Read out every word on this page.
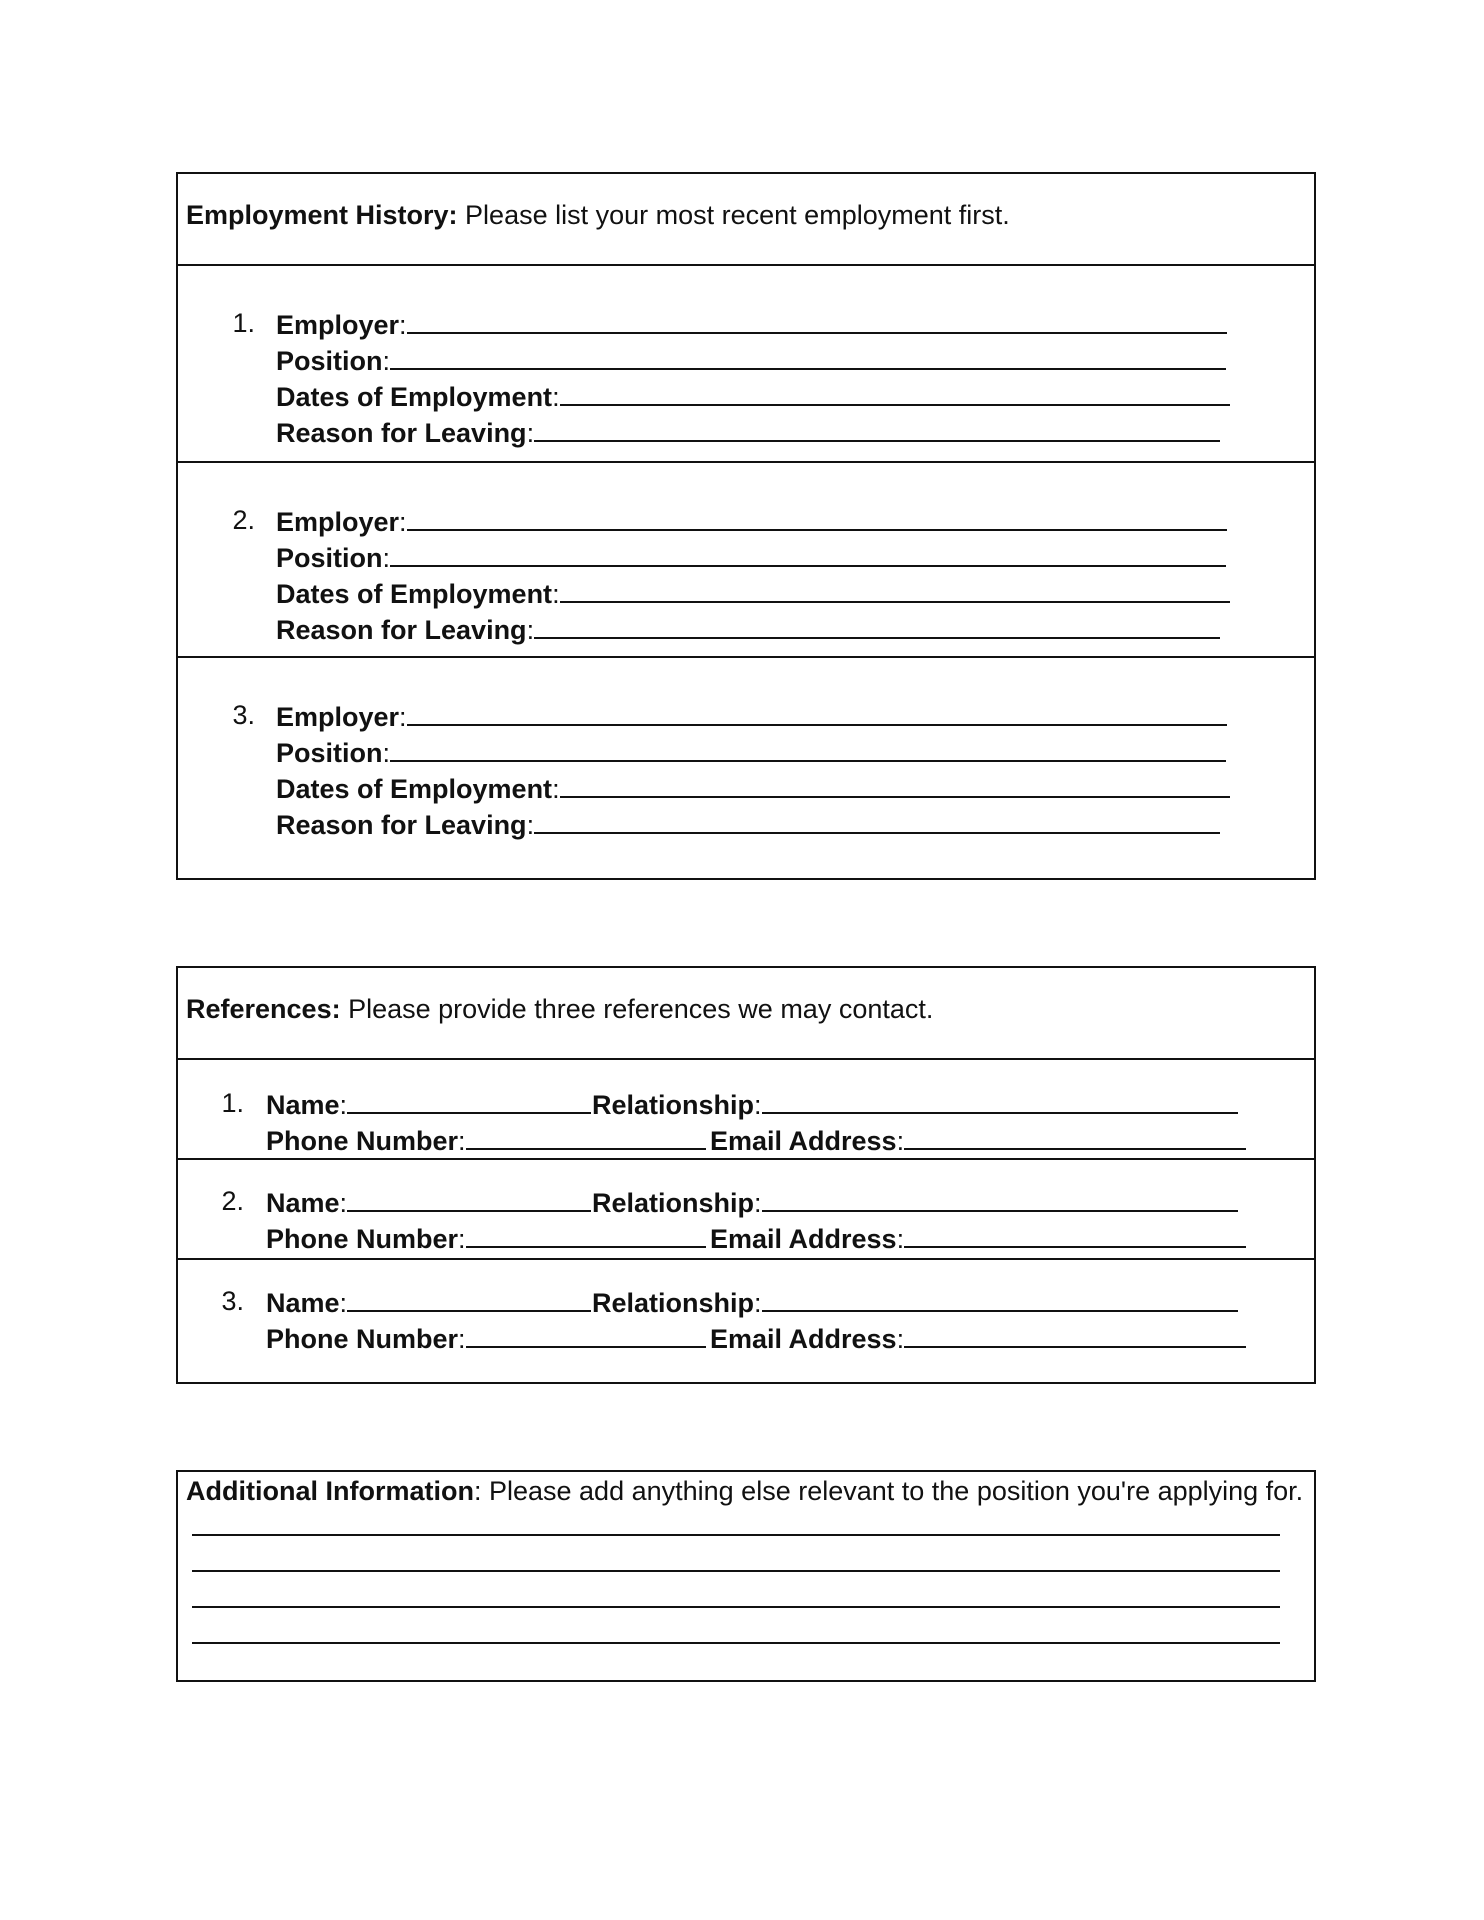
Employment History: Please list your most recent employment first.
1. Employer:
Position:
Dates of Employment:
Reason for Leaving:
2. Employer:
Position:
Dates of Employment:
Reason for Leaving:
3. Employer:
Position:
Dates of Employment:
Reason for Leaving:
References: Please provide three references we may contact.
1. Name:	Relationship:
Phone Number:	Email Address:
2. Name:	Relationship:
Phone Number:	Email Address:
3. Name:	Relationship:
Phone Number:	Email Address:
Additional Information: Please add anything else relevant to the position you're applying for.
